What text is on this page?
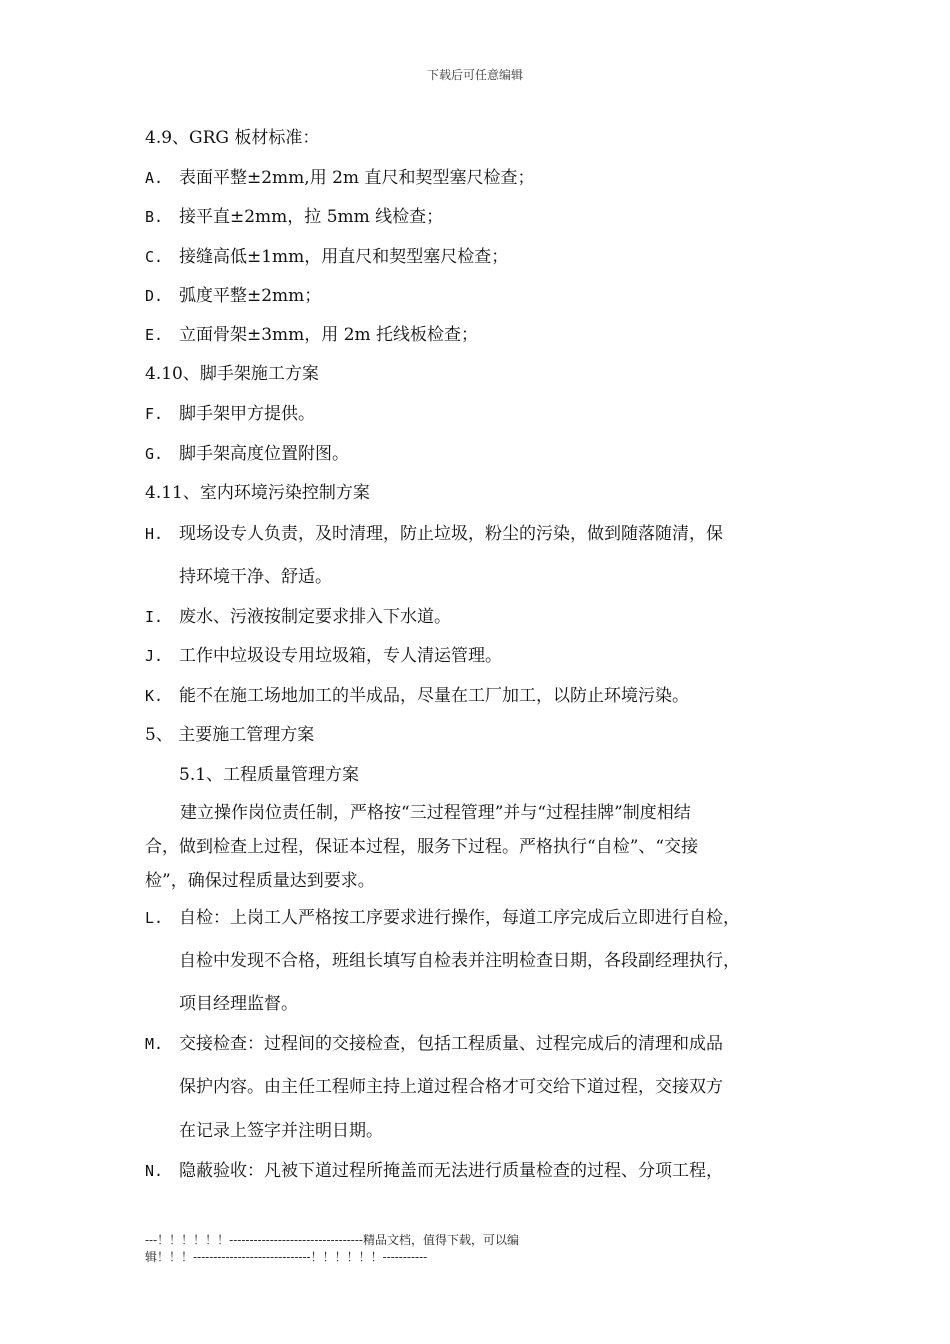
下载后可任意编辑
4.9、GRG 板材标准：
A. 表面平整±2mm,用 2m 直尺和契型塞尺检查；
B. 接平直±2mm，拉 5mm 线检查；
C. 接缝高低±1mm，用直尺和契型塞尺检查；
D. 弧度平整±2mm；
E. 立面骨架±3mm，用 2m 托线板检查；
4.10、脚手架施工方案
F. 脚手架甲方提供。
G. 脚手架高度位置附图。
4.11、室内环境污染控制方案
H. 现场设专人负责，及时清理，防止垃圾，粉尘的污染，做到随落随清，保
持环境干净、舒适。
I. 废水、污液按制定要求排入下水道。
J. 工作中垃圾设专用垃圾箱，专人清运管理。
K. 能不在施工场地加工的半成品，尽量在工厂加工，以防止环境污染。
5、 主要施工管理方案
5.1、工程质量管理方案
建立操作岗位责任制，严格按“三过程管理”并与“过程挂牌”制度相结
合，做到检查上过程，保证本过程，服务下过程。严格执行“自检”、“交接
检”，确保过程质量达到要求。
L. 自检：上岗工人严格按工序要求进行操作，每道工序完成后立即进行自检，
自检中发现不合格，班组长填写自检表并注明检查日期，各段副经理执行，
项目经理监督。
M. 交接检查：过程间的交接检查，包括工程质量、过程完成后的清理和成品
保护内容。由主任工程师主持上道过程合格才可交给下道过程，交接双方
在记录上签字并注明日期。
N. 隐蔽验收：凡被下道过程所掩盖而无法进行质量检查的过程、分项工程，
---！！！！！！---------------------------------精品文档，值得下载，可以编
辑！！！-----------------------------！！！！！！-----------
